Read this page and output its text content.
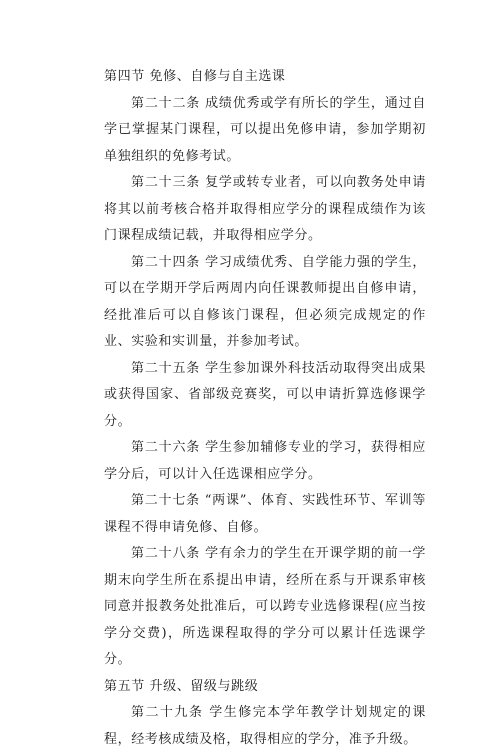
第四节 免修、自修与自主选课

第二十二条 成绩优秀或学有所长的学生，通过自学已掌握某门课程，可以提出免修申请，参加学期初单独组织的免修考试。

第二十三条 复学或转专业者，可以向教务处申请将其以前考核合格并取得相应学分的课程成绩作为该门课程成绩记载，并取得相应学分。

第二十四条 学习成绩优秀、自学能力强的学生，可以在学期开学后两周内向任课教师提出自修申请，经批准后可以自修该门课程，但必须完成规定的作业、实验和实训量，并参加考试。

第二十五条 学生参加课外科技活动取得突出成果或获得国家、省部级竞赛奖，可以申请折算选修课学分。

第二十六条 学生参加辅修专业的学习，获得相应学分后，可以计入任选课相应学分。

第二十七条 “两课”、体育、实践性环节、军训等课程不得申请免修、自修。

第二十八条 学有余力的学生在开课学期的前一学期末向学生所在系提出申请，经所在系与开课系审核同意并报教务处批准后，可以跨专业选修课程(应当按学分交费)，所选课程取得的学分可以累计任选课学分。

第五节 升级、留级与跳级

第二十九条 学生修完本学年教学计划规定的课程，经考核成绩及格，取得相应的学分，准予升级。
